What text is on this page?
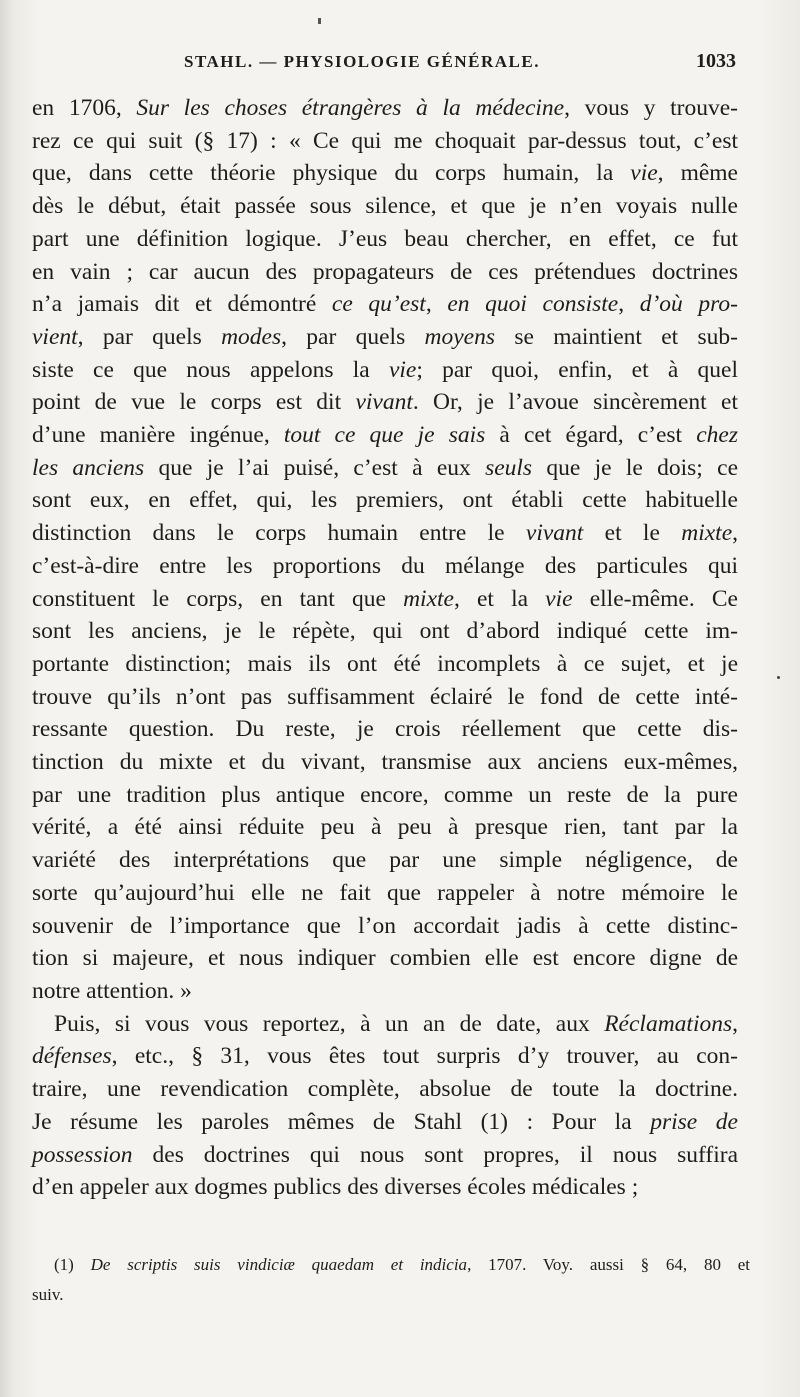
STAHL. — PHYSIOLOGIE GÉNÉRALE.	1033
en 1706, Sur les choses étrangères à la médecine, vous y trouve-
rez ce qui suit (§ 17) : « Ce qui me choquait par-dessus tout, c’est
que, dans cette théorie physique du corps humain, la vie, même
dès le début, était passée sous silence, et que je n’en voyais nulle
part une définition logique. J’eus beau chercher, en effet, ce fut
en vain ; car aucun des propagateurs de ces prétendues doctrines
n’a jamais dit et démontré ce qu’est, en quoi consiste, d’où pro-
vient, par quels modes, par quels moyens se maintient et sub-
siste ce que nous appelons la vie; par quoi, enfin, et à quel
point de vue le corps est dit vivant. Or, je l’avoue sincèrement et
d’une manière ingénue, tout ce que je sais à cet égard, c’est chez
les anciens que je l’ai puisé, c’est à eux seuls que je le dois; ce
sont eux, en effet, qui, les premiers, ont établi cette habituelle
distinction dans le corps humain entre le vivant et le mixte,
c’est-à-dire entre les proportions du mélange des particules qui
constituent le corps, en tant que mixte, et la vie elle-même. Ce
sont les anciens, je le répète, qui ont d’abord indiqué cette im-
portante distinction; mais ils ont été incomplets à ce sujet, et je
trouve qu’ils n’ont pas suffisamment éclairé le fond de cette inté-
ressante question. Du reste, je crois réellement que cette dis-
tinction du mixte et du vivant, transmise aux anciens eux-mêmes,
par une tradition plus antique encore, comme un reste de la pure
vérité, a été ainsi réduite peu à peu à presque rien, tant par la
variété des interprétations que par une simple négligence, de
sorte qu’aujourd’hui elle ne fait que rappeler à notre mémoire le
souvenir de l’importance que l’on accordait jadis à cette distinc-
tion si majeure, et nous indiquer combien elle est encore digne de
notre attention. »
Puis, si vous vous reportez, à un an de date, aux Réclamations,
défenses, etc., § 31, vous êtes tout surpris d’y trouver, au con-
traire, une revendication complète, absolue de toute la doctrine.
Je résume les paroles mêmes de Stahl (1) : Pour la prise de
possession des doctrines qui nous sont propres, il nous suffira
d’en appeler aux dogmes publics des diverses écoles médicales ;
(1) De scriptis suis vindiciæ quaedam et indicia, 1707. Voy. aussi § 64, 80 et
suiv.
